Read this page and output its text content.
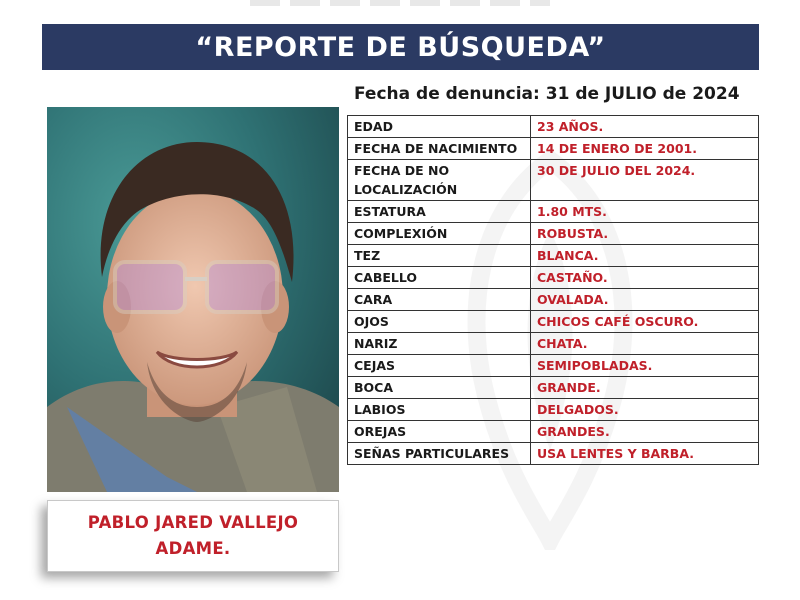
“REPORTE DE BÚSQUEDA”
PABLO JARED VALLEJO
ADAME.
Fecha de denuncia: 31 de JULIO de 2024
EDAD	23 AÑOS.
FECHA DE NACIMIENTO	14 DE ENERO DE 2001.
FECHA DE NO LOCALIZACIÓN	30 DE JULIO DEL 2024.
ESTATURA	1.80 MTS.
COMPLEXIÓN	ROBUSTA.
TEZ	BLANCA.
CABELLO	CASTAÑO.
CARA	OVALADA.
OJOS	CHICOS CAFÉ OSCURO.
NARIZ	CHATA.
CEJAS	SEMIPOBLADAS.
BOCA	GRANDE.
LABIOS	DELGADOS.
OREJAS	GRANDES.
SEÑAS PARTICULARES	USA LENTES Y BARBA.
